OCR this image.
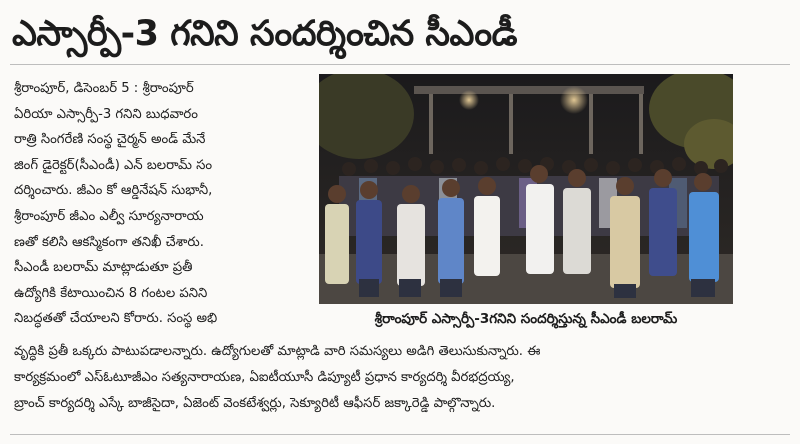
ఎస్సార్పీ-3 గనిని సందర్శించిన సీఎండీ

శ్రీరాంపూర్, డిసెంబర్ 5 : శ్రీరాంపూర్

ఏరియా ఎస్సార్పీ-3 గనిని బుధవారం

రాత్రి సింగరేణి సంస్థ చైర్మన్ అండ్ మేనే

జింగ్ డైరెక్టర్(సీఎండీ) ఎన్ బలరామ్ సం

దర్శించారు. జీఎం కో ఆర్డినేషన్ సుభానీ,

శ్రీరాంపూర్ జీఎం ఎల్వీ సూర్యనారాయ

ణతో కలిసి ఆకస్మికంగా తనిఖీ చేశారు.

సీఎండీ బలరామ్ మాట్లాడుతూ ప్రతీ

ఉద్యోగికి కేటాయించిన 8 గంటల పనిని

నిబద్ధతతో చేయాలని కోరారు. సంస్థ అభి	శ్రీరాంపూర్ ఎస్సార్పీ-3గనిని సందర్శిస్తున్న సీఎండీ బలరామ్
వృద్ధికి ప్రతీ ఒక్కరు పాటుపడాలన్నారు. ఉద్యోగులతో మాట్లాడి వారి సమస్యలు అడిగి తెలుసుకున్నారు. ఈ
కార్యక్రమంలో ఎస్ఓటూజీఎం సత్యనారాయణ, ఏఐటీయూసీ డిప్యూటీ ప్రధాన కార్యదర్శి వీరభద్రయ్య,
బ్రాంచ్ కార్యదర్శి ఎస్కే బాజీసైదా, ఏజెంట్ వెంకటేశ్వర్లు, సెక్యూరిటీ ఆఫీసర్ జక్కారెడ్డి పాల్గొన్నారు.
